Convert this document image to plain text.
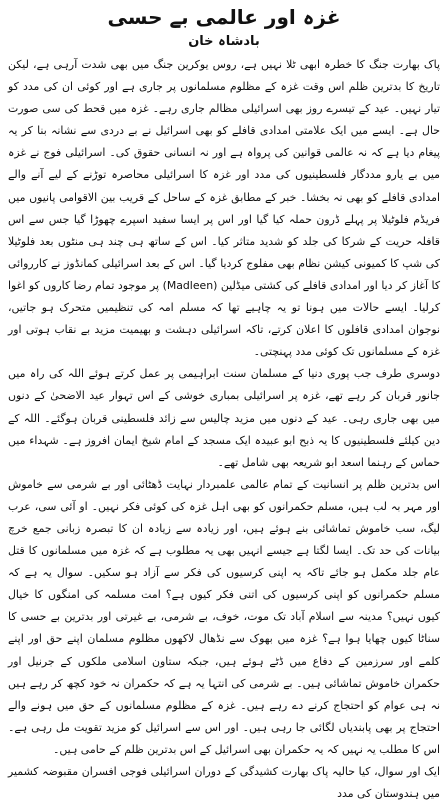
غزہ اور عالمی بے حسی
بادشاہ خان

پاک بھارت جنگ کا خطرہ ابھی ٹلا نہیں ہے، روس یوکرین جنگ میں بھی شدت آرہی ہے، لیکن تاریخ کا بدترین ظلم اس وقت غزہ کے مظلوم مسلمانوں پر جاری ہے اور کوئی ان کی مدد کو تیار نہیں۔ عید کے تیسرے روز بھی اسرائیلی مظالم جاری رہے۔ غزہ میں قحط کی سی صورت حال ہے۔ ایسے میں ایک علامتی امدادی قافلے کو بھی اسرائیل نے بے دردی سے نشانہ بنا کر یہ پیغام دیا ہے کہ نہ عالمی قوانین کی پرواہ ہے اور نہ انسانی حقوق کی۔ اسرائیلی فوج نے غزہ میں بے یارو مددگار فلسطینیوں کی مدد اور غزہ کا اسرائیلی محاصرہ توڑنے کے لیے آنے والے امدادی قافلے کو بھی نہ بخشا۔ خبر کے مطابق غزہ کے ساحل کے قریب بین الاقوامی پانیوں میں فریڈم فلوٹیلا پر پہلے ڈرون حملہ کیا گیا اور اس پر ایسا سفید اسپرے چھوڑا گیا جس سے اس قافلہ حریت کے شرکا کی جلد کو شدید متاثر کیا۔ اس کے ساتھ ہی چند ہی منٹوں بعد فلوٹیلا کی شپ کا کمیونی کیشن نظام بھی مفلوج کردیا گیا۔ اس کے بعد اسرائیلی کمانڈوز نے کارروائی کا آغاز کر دیا اور امدادی قافلے کی کشتی میڈلین (Madleen) پر موجود تمام رضا کاروں کو اغوا کرلیا۔ ایسے حالات میں ہونا تو یہ چاہیے تھا کہ مسلم امہ کی تنظیمیں متحرک ہو جاتیں، نوجوان امدادی قافلوں کا اعلان کرتے، تاکہ اسرائیلی دہشت و بھیمیت مزید بے نقاب ہوتی اور غزہ کے مسلمانوں تک کوئی مدد پہنچتی۔

دوسری طرف جب پوری دنیا کے مسلمان سنت ابراہیمی پر عمل کرتے ہوئے اللہ کی راہ میں جانور قربان کر رہے تھے، غزہ پر اسرائیلی بمباری خوشی کے اس تہوار عید الاضحیٰ کے دنوں میں بھی جاری رہی۔ عید کے دنوں میں مزید چالیس سے زائد فلسطینی قربان ہوگئے۔ اللہ کے دین کیلئے فلسطینیوں کا یہ ذبح ابو عبیدہ ایک مسجد کے امام شیخ ایمان افروز ہے۔ شہداء میں حماس کے رہنما اسعد ابو شریعہ بھی شامل تھے۔

اس بدترین ظلم پر انسانیت کے تمام عالمی علمبردار نہایت ڈھٹائی اور بے شرمی سے خاموش اور مہر بہ لب ہیں، مسلم حکمرانوں کو بھی اہل غزہ کی کوئی فکر نہیں۔ او آئی سی، عرب لیگ، سب خاموش تماشائی بنے ہوئے ہیں، اور زیادہ سے زیادہ ان کا تبصرہ زبانی جمع خرچ بیانات کی حد تک۔ ایسا لگتا ہے جیسے انہیں بھی یہ مطلوب ہے کہ غزہ میں مسلمانوں کا قتل عام جلد مکمل ہو جائے تاکہ یہ اپنی کرسیوں کی فکر سے آزاد ہو سکیں۔ سوال یہ ہے کہ مسلم حکمرانوں کو اپنی کرسیوں کی اتنی فکر کیوں ہے؟ امت مسلمہ کی امنگوں کا خیال کیوں نہیں؟ مدینہ سے اسلام آباد تک موت، خوف، بے شرمی، بے غیرتی اور بدترین بے حسی کا سناٹا کیوں چھایا ہوا ہے؟ غزہ میں بھوک سے نڈھال لاکھوں مظلوم مسلمان اپنے حق اور اپنے کلمے اور سرزمین کے دفاع میں ڈٹے ہوئے ہیں، جبکہ ستاون اسلامی ملکوں کے جرنیل اور حکمران خاموش تماشائی ہیں۔ بے شرمی کی انتہا یہ ہے کہ حکمران نہ خود کچھ کر رہے ہیں نہ ہی عوام کو احتجاج کرنے دے رہے ہیں۔ غزہ کے مظلوم مسلمانوں کے حق میں ہونے والے احتجاج پر بھی پابندیاں لگائی جا رہی ہیں۔ اور اس سے اسرائیل کو مزید تقویت مل رہی ہے۔ اس کا مطلب یہ نہیں کہ یہ حکمران بھی اسرائیل کے اس بدترین ظلم کے حامی ہیں۔

ایک اور سوال، کیا حالیہ پاک بھارت کشیدگی کے دوران اسرائیلی فوجی افسران مقبوضہ کشمیر میں ہندوستان کی مدد
